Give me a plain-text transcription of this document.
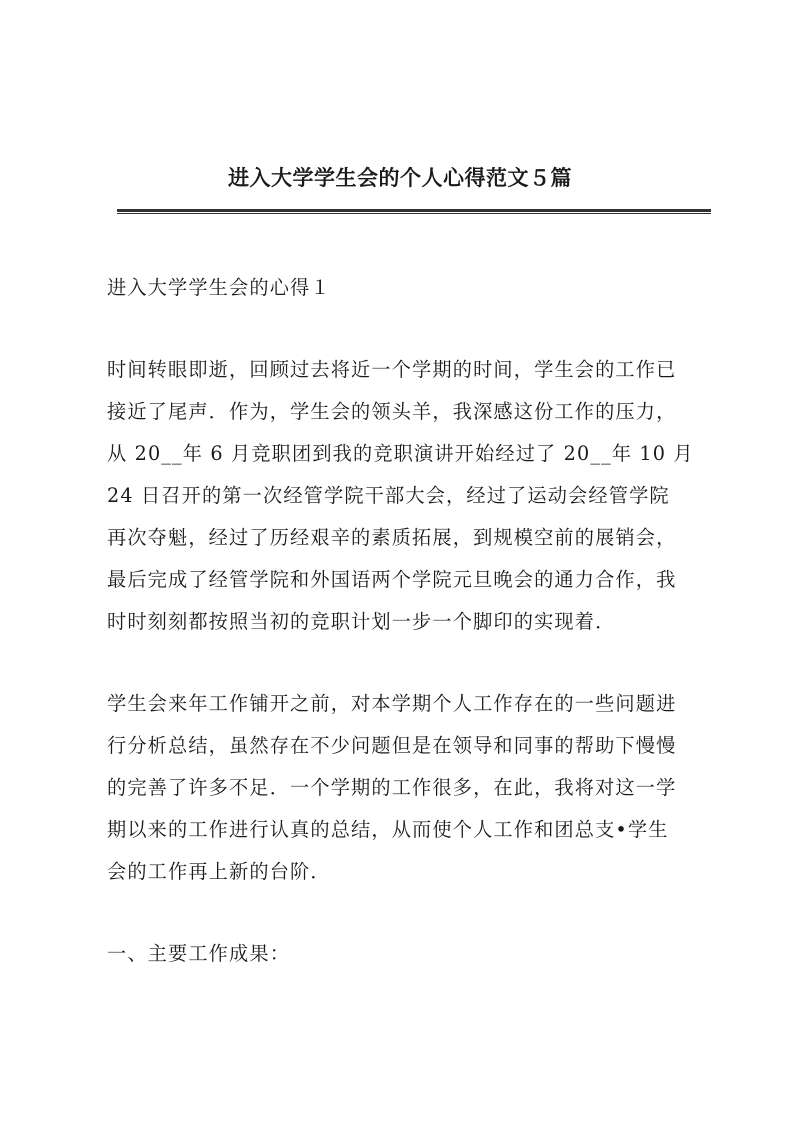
进入大学学生会的个人心得范文５篇
进入大学学生会的心得１
时间转眼即逝，回顾过去将近一个学期的时间，学生会的工作已
接近了尾声．作为，学生会的领头羊，我深感这份工作的压力，
从 20__年 6 月竞职团到我的竞职演讲开始经过了 20__年 10 月
24 日召开的第一次经管学院干部大会，经过了运动会经管学院
再次夺魁，经过了历经艰辛的素质拓展，到规模空前的展销会，
最后完成了经管学院和外国语两个学院元旦晚会的通力合作，我
时时刻刻都按照当初的竞职计划一步一个脚印的实现着．
学生会来年工作铺开之前，对本学期个人工作存在的一些问题进
行分析总结，虽然存在不少问题但是在领导和同事的帮助下慢慢
的完善了许多不足．一个学期的工作很多，在此，我将对这一学
期以来的工作进行认真的总结，从而使个人工作和团总支•学生
会的工作再上新的台阶．
一、主要工作成果：
